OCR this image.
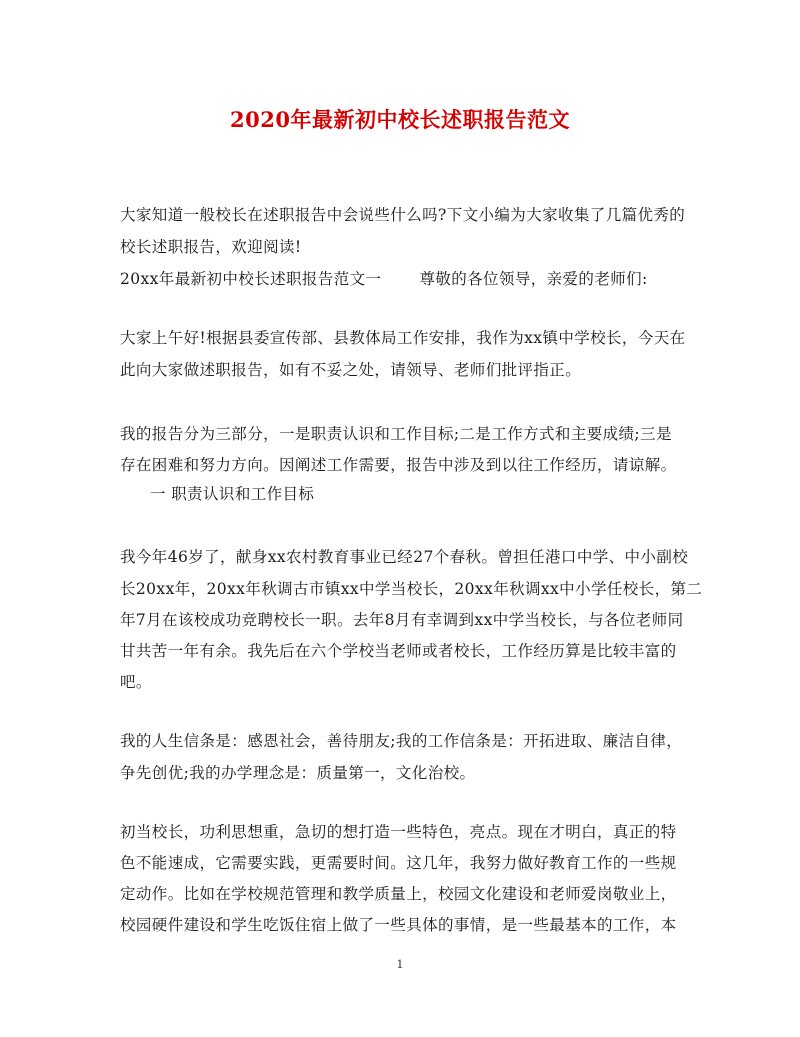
2020年最新初中校长述职报告范文
大家知道一般校长在述职报告中会说些什么吗?下文小编为大家收集了几篇优秀的
校长述职报告，欢迎阅读!
20xx年最新初中校长述职报告范文一 尊敬的各位领导，亲爱的老师们:
大家上午好!根据县委宣传部、县教体局工作安排，我作为xx镇中学校长，今天在
此向大家做述职报告，如有不妥之处，请领导、老师们批评指正。
我的报告分为三部分，一是职责认识和工作目标;二是工作方式和主要成绩;三是
存在困难和努力方向。因阐述工作需要，报告中涉及到以往工作经历，请谅解。
一 职责认识和工作目标
我今年46岁了，献身xx农村教育事业已经27个春秋。曾担任港口中学、中小副校
长20xx年，20xx年秋调古市镇xx中学当校长，20xx年秋调xx中小学任校长，第二
年7月在该校成功竞聘校长一职。去年8月有幸调到xx中学当校长，与各位老师同
甘共苦一年有余。我先后在六个学校当老师或者校长，工作经历算是比较丰富的
吧。
我的人生信条是：感恩社会，善待朋友;我的工作信条是：开拓进取、廉洁自律，
争先创优;我的办学理念是：质量第一，文化治校。
初当校长，功利思想重，急切的想打造一些特色，亮点。现在才明白，真正的特
色不能速成，它需要实践，更需要时间。这几年，我努力做好教育工作的一些规
定动作。比如在学校规范管理和教学质量上，校园文化建设和老师爱岗敬业上，
校园硬件建设和学生吃饭住宿上做了一些具体的事情，是一些最基本的工作，本
1
